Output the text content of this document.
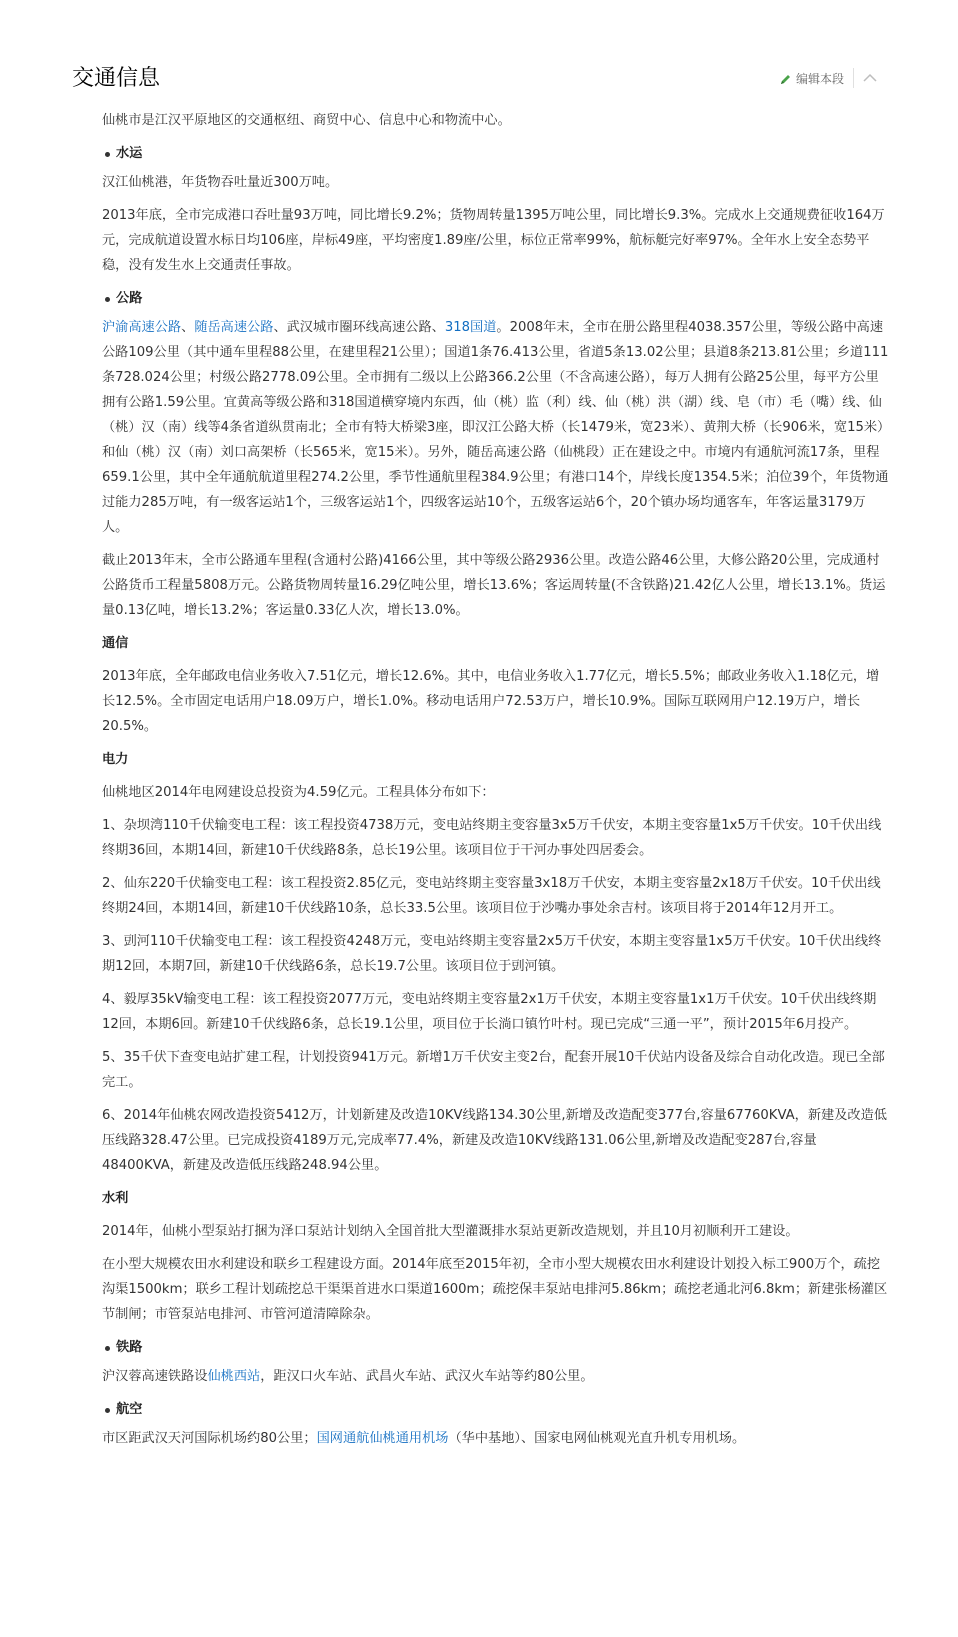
交通信息	编辑本段

仙桃市是江汉平原地区的交通枢纽、商贸中心、信息中心和物流中心。

水运

汉江仙桃港，年货物吞吐量近300万吨。

2013年底，全市完成港口吞吐量93万吨，同比增长9.2%；货物周转量1395万吨公里，同比增长9.3%。完成水上交通规费征收164万元，完成航道设置水标日均106座，岸标49座，平均密度1.89座/公里，标位正常率99%，航标艇完好率97%。全年水上安全态势平稳，没有发生水上交通责任事故。

公路

沪渝高速公路、随岳高速公路、武汉城市圈环线高速公路、318国道。2008年末，全市在册公路里程4038.357公里，等级公路中高速公路109公里（其中通车里程88公里，在建里程21公里）；国道1条76.413公里，省道5条13.02公里；县道8条213.81公里；乡道111条728.024公里；村级公路2778.09公里。全市拥有二级以上公路366.2公里（不含高速公路），每万人拥有公路25公里，每平方公里拥有公路1.59公里。宜黄高等级公路和318国道横穿境内东西，仙（桃）监（利）线、仙（桃）洪（湖）线、皂（市）毛（嘴）线、仙（桃）汉（南）线等4条省道纵贯南北；全市有特大桥梁3座，即汉江公路大桥（长1479米，宽23米）、黄荆大桥（长906米，宽15米）和仙（桃）汉（南）刘口高架桥（长565米，宽15米）。另外，随岳高速公路（仙桃段）正在建设之中。市境内有通航河流17条，里程659.1公里，其中全年通航航道里程274.2公里，季节性通航里程384.9公里；有港口14个，岸线长度1354.5米；泊位39个，年货物通过能力285万吨，有一级客运站1个，三级客运站1个，四级客运站10个，五级客运站6个，20个镇办场均通客车，年客运量3179万人。

截止2013年末，全市公路通车里程(含通村公路)4166公里，其中等级公路2936公里。改造公路46公里，大修公路20公里，完成通村公路货币工程量5808万元。公路货物周转量16.29亿吨公里，增长13.6%；客运周转量(不含铁路)21.42亿人公里，增长13.1%。货运量0.13亿吨，增长13.2%；客运量0.33亿人次，增长13.0%。

通信

2013年底，全年邮政电信业务收入7.51亿元，增长12.6%。其中，电信业务收入1.77亿元，增长5.5%；邮政业务收入1.18亿元，增长12.5%。全市固定电话用户18.09万户，增长1.0%。移动电话用户72.53万户，增长10.9%。国际互联网用户12.19万户，增长20.5%。

电力

仙桃地区2014年电网建设总投资为4.59亿元。工程具体分布如下：

1、杂坝湾110千伏输变电工程：该工程投资4738万元，变电站终期主变容量3x5万千伏安，本期主变容量1x5万千伏安。10千伏出线终期36回，本期14回，新建10千伏线路8条，总长19公里。该项目位于干河办事处四居委会。

2、仙东220千伏输变电工程：该工程投资2.85亿元，变电站终期主变容量3x18万千伏安，本期主变容量2x18万千伏安。10千伏出线终期24回，本期14回，新建10千伏线路10条，总长33.5公里。该项目位于沙嘴办事处余吉村。该项目将于2014年12月开工。

3、剅河110千伏输变电工程：该工程投资4248万元，变电站终期主变容量2x5万千伏安，本期主变容量1x5万千伏安。10千伏出线终期12回，本期7回，新建10千伏线路6条，总长19.7公里。该项目位于剅河镇。

4、毅厚35kV输变电工程：该工程投资2077万元，变电站终期主变容量2x1万千伏安，本期主变容量1x1万千伏安。10千伏出线终期12回，本期6回。新建10千伏线路6条，总长19.1公里，项目位于长淌口镇竹叶村。现已完成“三通一平”，预计2015年6月投产。

5、35千伏下查变电站扩建工程，计划投资941万元。新增1万千伏安主变2台，配套开展10千伏站内设备及综合自动化改造。现已全部完工。

6、2014年仙桃农网改造投资5412万，计划新建及改造10KV线路134.30公里,新增及改造配变377台,容量67760KVA，新建及改造低压线路328.47公里。已完成投资4189万元,完成率77.4%，新建及改造10KV线路131.06公里,新增及改造配变287台,容量48400KVA，新建及改造低压线路248.94公里。

水利

2014年，仙桃小型泵站打捆为泽口泵站计划纳入全国首批大型灌溉排水泵站更新改造规划，并且10月初顺利开工建设。

在小型大规模农田水利建设和联乡工程建设方面。2014年底至2015年初，全市小型大规模农田水利建设计划投入标工900万个，疏挖沟渠1500km；联乡工程计划疏挖总干渠渠首进水口渠道1600m；疏挖保丰泵站电排河5.86km；疏挖老通北河6.8km；新建张杨灌区节制闸；市管泵站电排河、市管河道清障除杂。

铁路

沪汉蓉高速铁路设仙桃西站，距汉口火车站、武昌火车站、武汉火车站等约80公里。

航空

市区距武汉天河国际机场约80公里；国网通航仙桃通用机场（华中基地）、国家电网仙桃观光直升机专用机场。
